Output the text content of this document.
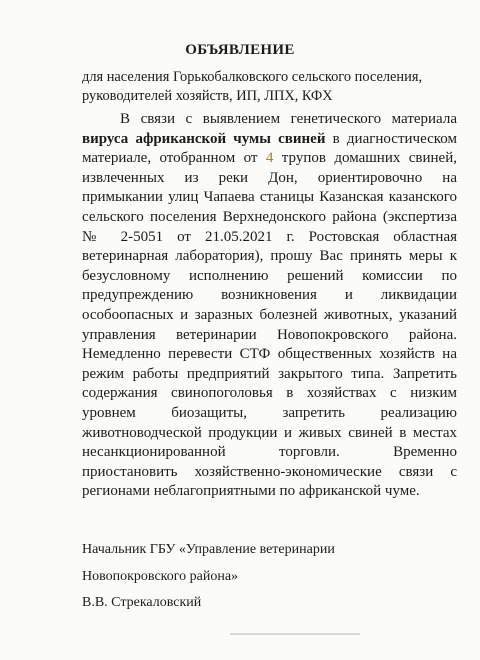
ОБЪЯВЛЕНИЕ
для населения Горькобалковского сельского поселения,
руководителей хозяйств, ИП, ЛПХ, КФХ

В связи с выявлением генетического материала вируса африканской чумы свиней в диагностическом материале, отобранном от 4 трупов домашних свиней, извлеченных из реки Дон, ориентировочно на примыкании улиц Чапаева станицы Казанская казанского сельского поселения Верхнедонского района (экспертиза № 2-5051 от 21.05.2021 г. Ростовская областная ветеринарная лаборатория), прошу Вас принять меры к безусловному исполнению решений комиссии по предупреждению возникновения и ликвидации особоопасных и заразных болезней животных, указаний управления ветеринарии Новопокровского района. Немедленно перевести СТФ общественных хозяйств на режим работы предприятий закрытого типа. Запретить содержания свинопоголовья в хозяйствах с низким уровнем биозащиты, запретить реализацию животноводческой продукции и живых свиней в местах несанкционированной торговли. Временно приостановить хозяйственно-экономические связи с регионами неблагоприятными по африканской чуме.

Начальник ГБУ «Управление ветеринарии
Новопокровского района»
В.В. Стрекаловский
